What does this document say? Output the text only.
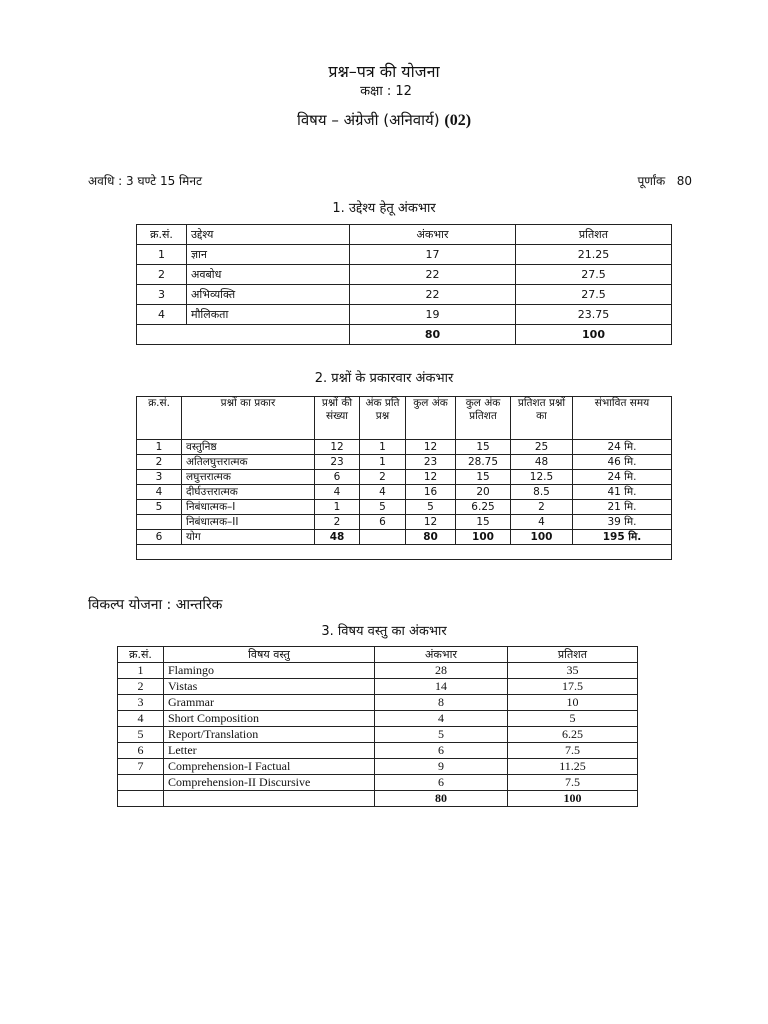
प्रश्न–पत्र की योजना
कक्षा : 12
विषय – अंग्रेजी (अनिवार्य) (02)
अवधि : 3 घण्टे 15 मिनट	पूर्णांक 80
1. उद्देश्य हेतू अंकभार
क्र.सं.	उद्देश्य	अंकभार	प्रतिशत
1	ज्ञान	17	21.25
2	अवबोध	22	27.5
3	अभिव्यक्ति	22	27.5
4	मौलिकता	19	23.75
		80	100
2. प्रश्नों के प्रकारवार अंकभार
क्र.सं.	प्रश्नों का प्रकार	प्रश्नों की संख्या	अंक प्रति प्रश्न	कुल अंक	कुल अंक प्रतिशत	प्रतिशत प्रश्नों का	संभावित समय
1	वस्तुनिष्ठ	12	1	12	15	25	24 मि.
2	अतिलघुत्तरात्मक	23	1	23	28.75	48	46 मि.
3	लघुत्तरात्मक	6	2	12	15	12.5	24 मि.
4	दीर्घउत्तरात्मक	4	4	16	20	8.5	41 मि.
5	निबंधात्मक–I	1	5	5	6.25	2	21 मि.
	निबंधात्मक–II	2	6	12	15	4	39 मि.
6	योग	48		80	100	100	195 मि.

विकल्प योजना : आन्तरिक
3. विषय वस्तु का अंकभार
क्र.सं.	विषय वस्तु	अंकभार	प्रतिशत
1	Flamingo	28	35
2	Vistas	14	17.5
3	Grammar	8	10
4	Short Composition	4	5
5	Report/Translation	5	6.25
6	Letter	6	7.5
7	Comprehension-I Factual	9	11.25
	Comprehension-II Discursive	6	7.5
		80	100
